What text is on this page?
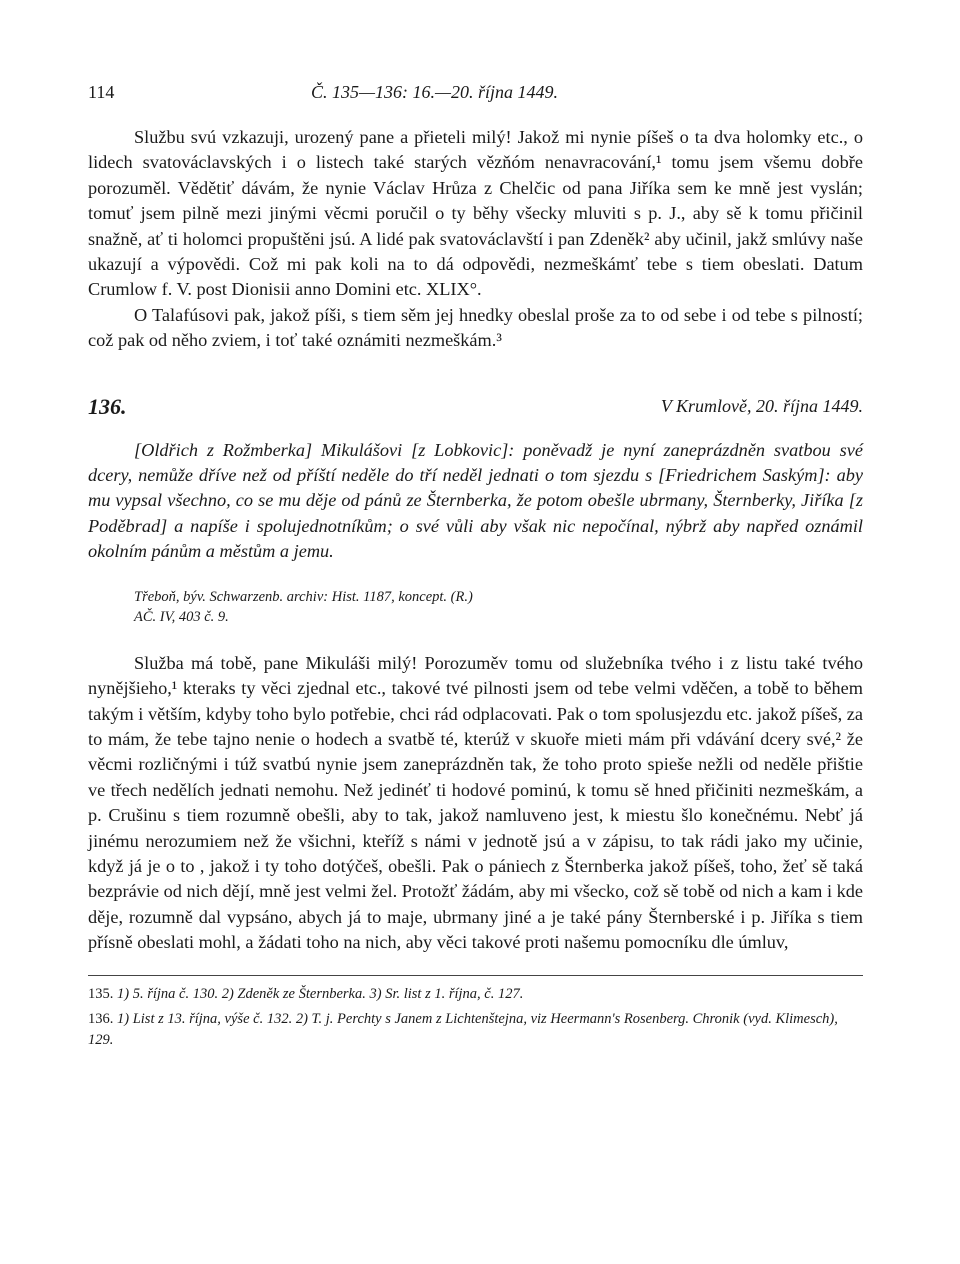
114	Č. 135—136: 16.—20. října 1449.

Službu svú vzkazuji, urozený pane a přieteli milý! Jakož mi nynie píšeš o ta dva holomky etc., o lidech svatováclavských i o listech také starých vězňóm nenavracování,¹ tomu jsem všemu dobře porozuměl. Vědětiť dávám, že nynie Václav Hrůza z Chelčic od pana Jiříka sem ke mně jest vyslán; tomuť jsem pilně mezi jinými věcmi poručil o ty běhy všecky mluviti s p. J., aby sě k tomu přičinil snažně, ať ti holomci propuštěni jsú. A lidé pak svatováclavští i pan Zdeněk² aby učinil, jakž smlúvy naše ukazují a výpovědi. Což mi pak koli na to dá odpovědi, nezmeškámť tebe s tiem obeslati. Datum Crumlow f. V. post Dionisii anno Domini etc. XLIX°.

O Talafúsovi pak, jakož píši, s tiem sěm jej hnedky obeslal proše za to od sebe i od tebe s pilností; což pak od něho zviem, i toť také oznámiti nezmeškám.³

136.	V Krumlově, 20. října 1449.

[Oldřich z Rožmberka] Mikulášovi [z Lobkovic]: poněvadž je nyní zaneprázdněn svatbou své dcery, nemůže dříve než od příští neděle do tří neděl jednati o tom sjezdu s [Friedrichem Saským]: aby mu vypsal všechno, co se mu děje od pánů ze Šternberka, že potom obešle ubrmany, Šternberky, Jiříka [z Poděbrad] a napíše i spolujednotníkům; o své vůli aby však nic nepočínal, nýbrž aby napřed oznámil okolním pánům a městům a jemu.

Třeboň, býv. Schwarzenb. archiv: Hist. 1187, koncept. (R.)
AČ. IV, 403 č. 9.

Služba má tobě, pane Mikuláši milý! Porozuměv tomu od služebníka tvého i z listu také tvého nynějšieho,¹ kteraks ty věci zjednal etc., takové tvé pilnosti jsem od tebe velmi vděčen, a tobě to během takým i větším, kdyby toho bylo potřebie, chci rád odplacovati. Pak o tom spolusjezdu etc. jakož píšeš, za to mám, že tebe tajno nenie o hodech a svatbě té, kterúž v skuoře mieti mám při vdávání dcery své,² že věcmi rozličnými i túž svatbú nynie jsem zaneprázdněn tak, že toho proto spieše nežli od neděle přištie ve třech nedělích jednati nemohu. Než jedinéť ti hodové pominú, k tomu sě hned přičiniti nezmeškám, a p. Crušinu s tiem rozumně obešli, aby to tak, jakož namluveno jest, k miestu šlo konečnému. Nebť já jinému nerozumiem než že všichni, kteříž s námi v jednotě jsú a v zápisu, to tak rádi jako my učinie, když já je o to , jakož i ty toho dotýčeš, obešli. Pak o pániech z Šternberka jakož píšeš, toho, žeť sě taká bezprávie od nich dějí, mně jest velmi žel. Protožť žádám, aby mi všecko, což sě tobě od nich a kam i kde děje, rozumně dal vypsáno, abych já to maje, ubrmany jiné a je také pány Šternberské i p. Jiříka s tiem přísně obeslati mohl, a žádati toho na nich, aby věci takové proti našemu pomocníku dle úmluv,

135. 1) 5. října č. 130. 2) Zdeněk ze Šternberka. 3) Sr. list z 1. října, č. 127.

136. 1) List z 13. října, výše č. 132. 2) T. j. Perchty s Janem z Lichtenštejna, viz Heermann's Rosenberg. Chronik (vyd. Klimesch), 129.
